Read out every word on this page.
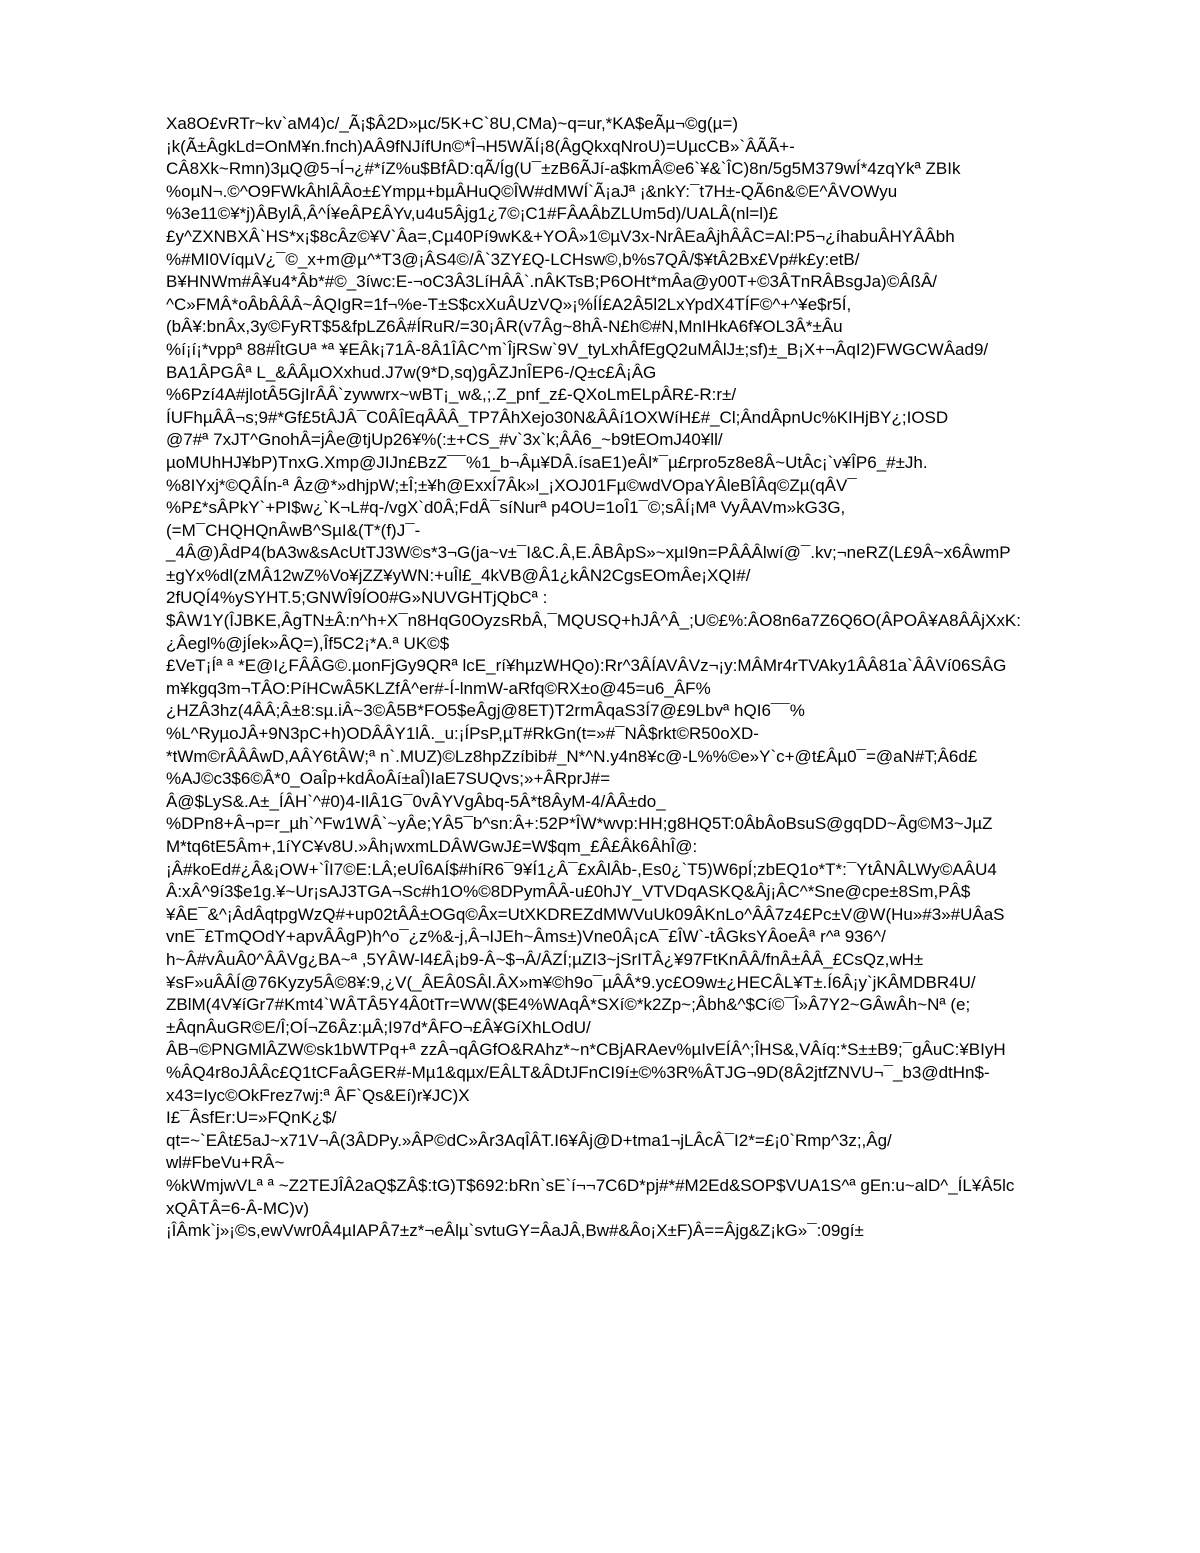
Xa8O£vRTr~kv`aM4)c/_Ã¡$Â2D»µc/5K+C`8U,CMa)~q=ur,*KA$eÃµ¬©g(µ=)
¡k(Ã±ÂgkLd=OnM¥n.fnch)AÂ9fNJífUn©*Î¬H5WÃÍ¡8(ÂgQkxqNroU)=UµcCB»`ÂÃÃ+-
CÂ8Xk~Rmn)3µQ@5¬Í¬¿#*íZ%u$BfÂD:qÃ/Íg(U¯±zB6ÃJí-a$kmÂ©e6`¥&`ÎC)8n/5g5M379wÍ*4zqYkª ZBIk
%oµN¬.©^O9FWkÂhlÂÂo±£Ympµ+bµÂHuQ©ÎW#dMWÍ`Ã¡aJª ¡&nkY:¯t7H±-QÃ6n&©E^ÂVOWyu
%3e11©¥*j)ÂBylÂ,Â^Í¥eÂP£ÂYv,u4u5Âjg1¿7©¡C1#FÂAÂbZLUm5d)/UALÂ(nl=l)£
£y^ZXNBXÂ`HS*x¡$8cÂz©¥V`Âa=,Cµ40Pí9wK&+YOÂ»1©µV3x-NrÂEaÂjhÂÂC=Al:P5¬¿íhabuÂHYÂÂbh
%#MI0VíqµV¿¯©_x+m@µ^*T3@¡ÂS4©/Â`3ZY£Q-LCHsw©,b%s7QÂ/$¥tÂ2Bx£Vp#k£y:etB/
B¥HNWm#Â¥u4*Âb*#©_3íwc:E-¬oC3Â3LíHÂÂ`.nÂKTsB;P6OHt*mÂa@y00T+©3ÂTnRÂBsgJa)©ÂßÂ/
^C»FMÂ*oÂbÂÂÂ~ÂQIgR=1f¬%e-T±S$cxXuÂUzVQ»¡%ÍÍ£A2Â5l2LxYpdX4TÍF©^+^¥e$r5Í,
(bÂ¥:bnÂx,3y©FyRT$5&fpLZ6Â#ÍRuR/=30¡ÂR(v7Âg~8hÂ-N£h©#N,MnIHkA6f¥OL3Â*±Âu
%í¡í¡*vppª 88#ÎtGUª *ª ¥EÂk¡71Â-8Â1ÎÂC^m`ÎjRSw`9V_tyLxhÂfEgQ2uMÂlJ±;sf)±_B¡X+¬ÂqI2)FWGCWÂad9/
BA1ÂPGÂª L_&ÂÂµOXxhud.J7w(9*D,sq)gÂZJnÎEP6-/Q±c£Â¡ÂG
%6Pzí4A#jlotÂ5GjIrÂÂ`zywwrx~wBT¡_w&,;.Z_pnf_z£-QXoLmELpÂR£-R:r±/
ÍUFhµÂÂ¬s;9#*Gf£5tÂJÂ¯C0ÂÎEqÂÂÂ_TP7ÂhXejo30N&ÂÂí1OXWíH£#_Cl;ÂndÂpnUc%KIHjBY¿;IOSD
@7#ª 7xJT^GnohÂ=jÂe@tjUp26¥%(:±+CS_#v`3x`k;ÂÂ6_~b9tEOmJ40¥ll/
µoMUhHJ¥bP)TnxG.Xmp@JIJn£BzZ¯¯%1_b¬Âµ¥DÂ.ísaE1)eÂl*¯µ£rpro5z8e8Â~UtÂc¡`v¥ÎP6_#±Jh.
%8IYxj*©QÂÍn-ª Âz@*»dhjpW;±Î;±¥h@ExxÍ7Âk»l_¡XOJ01Fµ©wdVOpaYÂleBÎÂq©Zµ(qÂV¯
%P£*sÂPkY`+PI$w¿`K¬L#q-/vgX`d0Â;FdÂ¯síNurª p4OU=1oÎ1¯©;sÂÍ¡Mª VyÂAVm»kG3G,
(=M¯CHQHQnÂwB^SµI&(T*(f)J¯-
_4Â@)ÂdP4(bA3w&sAcUtTJ3W©s*3¬G(ja~v±¯I&C.Â,E.ÂBÂpS»~xµI9n=PÂÂÂlwí@¯.kv;¬neRZ(L£9Â~x6ÂwmP
±gYx%dl(zMÂ12wZ%Vo¥jZZ¥yWN:+uÎl£_4kVB@Â1¿kÂN2CgsEOmÂe¡XQI#/
2fUQÍ4%ySYHT.5;GNWÎ9ÍO0#G»NUVGHTjQbCª :
$ÂW1Y(ÎJBKE,ÂgTN±Â:n^h+X¯n8HqG0OyzsRbÂ,¯MQUSQ+hJÂ^Â_;U©£%:ÂO8n6a7Z6Q6O(ÂPOÂ¥A8ÂÂjXxK:
¿Âegl%@jÍek»ÂQ=),Îf5C2¡*A.ª UK©$
£VeT¡Íª ª *E@I¿FÂÂG©.µonFjGy9QRª lcE_rí¥hµzWHQo):Rr^3ÂÍAVÂVz¬¡y:MÂMr4rTVAky1ÂÂ81a`ÂÂVí06SÂG
m¥kgq3m¬TÂO:PíHCwÂ5KLZfÂ^er#-Í-lnmW-aRfq©RX±o@45=u6_ÂF%
¿HZÂ3hz(4ÂÂ;Â±8:sµ.iÂ~3©Â5B*FO5$eÂgj@8ET)T2rmÂqaS3Í7@£9Lbvª hQI6¯¯%
%L^RyµoJÂ+9N3pC+h)ODÂÂY1lÂ._u:¡ÍPsP,µT#RkGn(t=»#¯NÂ$rkt©R50oXD-
*tWm©rÂÂÂwD,AÂY6tÂW;ª n`.MUZ)©Lz8hpZzíbib#_N*^N.y4n8¥c@-L%%©e»Y`c+@t£Âµ0¯=@aN#T;Â6d£
%AJ©c3$6©Â*0_OaÎp+kdÂoÂí±aÎ)IaE7SUQvs;»+ÂRprJ#=
Â@$LyS&.A±_ÍÂH`^#0)4-IlÂ1G¯0vÂYVgÂbq-5Â*t8ÂyM-4/ÂÂ±do_
%DPn8+Â¬p=r_µh`^Fw1WÂ`~yÂe;YÂ5¯b^sn:Â+:52P*ÎW*wvp:HH;g8HQ5T:0ÂbÂoBsuS@gqDD~Âg©M3~JµZ
M*tq6tE5Âm+,1íYC¥v8U.»Âh¡wxmLDÂWGwJ£=W$qm_£Â£Âk6ÂhÎ@:
¡Â#koEd#¿Â&¡OW+`ÎI7©E:LÂ;eUÎ6AÍ$#híR6¯9¥Í1¿Â¯£xÂlÂb-,Es0¿`T5)W6pÍ;zbEQ1o*T*:¯YtÂNÂLWy©AÂU4
Â:xÂ^9í3$e1g.¥~Ur¡sAJ3TGA¬Sc#h1O%©8DPymÂÂ-u£0hJY_VTVDqASKQ&Âj¡ÂC^*Sne@cpe±8Sm,PÂ$
¥ÂE¯&^¡ÂdÂqtpgWzQ#+up02tÂÂ±OGq©Âx=UtXKDREZdMWVuUk09ÂKnLo^ÂÂ7z4£Pc±V@W(Hu»#3»#UÂaS
vnE¯£TmQOdY+apvÂÂgP)h^o¯¿z%&-j,Â¬IJEh~Âms±)Vne0Â¡cA¯£ÎW`-tÂGksYÂoeÂª r^ª 936^/
h~Â#vÂuÂ0^ÂÂVg¿BA~ª ,5YÂW-l4£Â¡b9-Â~$¬Â/ÂZÍ;µZI3~jSrITÂ¿¥97FtKnÂÂ/fnÂ±ÂÂ_£CsQz,wH±
¥sF»uÂÂÍ@76Kyzy5Â©8¥:9,¿V(_ÂEÂ0SÂl.ÂX»m¥©h9o¯µÂÂ*9.yc£O9w±¿HECÂL¥T±.Í6Â¡y`jKÂMDBR4U/
ZBlM(4V¥íGr7#Kmt4`WÂTÂ5Y4Â0tTr=WW($E4%WAqÂ*SXí©*k2Zp~;Âbh&^$Cí©¯Î»Â7Y2~GÂwÂh~Nª (e;
±ÂqnÂuGR©E/Î;OÍ¬Z6Âz:µÂ;I97d*ÂFO¬£Â¥GíXhLOdU/
ÂB¬©PNGMlÂZW©sk1bWTPq+ª zzÂ¬qÂGfO&RAhz*~n*CBjARAev%µIvEÍÂ^;ÎHS&,VÂíq:*S±±B9;¯gÂuC:¥BIyH
%ÂQ4r8oJÂÂc£Q1tCFaÂGER#-Mµ1&qµx/EÂLT&ÂDtJFnCI9í±©%3R%ÂTJG¬9D(8Â2jtfZNVU¬¯_b3@dtHn$-
x43=Iyc©OkFrez7wj:ª ÂF`Qs&Eí)r¥JC)X
I£¯ÂsfEr:U=»FQnK¿$/
qt=~`EÂt£5aJ~x71V¬Â(3ÂDPy.»ÂP©dC»Âr3AqÎÂT.I6¥Âj@D+tma1¬jLÂcÂ¯I2*=£¡0`Rmp^3z;,Âg/
wl#FbeVu+RÂ~
%kWmjwVLª ª ~Z2TEJÎÂ2aQ$ZÂ$:tG)T$692:bRn`sE`í¬¬7C6D*pj#*#M2Ed&SOP$VUA1S^ª gEn:u~alD^_ÍL¥Â5lc
xQÂTÂ=6-Â-MC)v)
¡ÎÂmk`j»¡©s,ewVwr0Â4µIAPÂ7±z*¬eÂlµ`svtuGY=ÂaJÂ,Bw#&Âo¡X±F)Â==Âjg&Z¡kG»¯:09gí±
